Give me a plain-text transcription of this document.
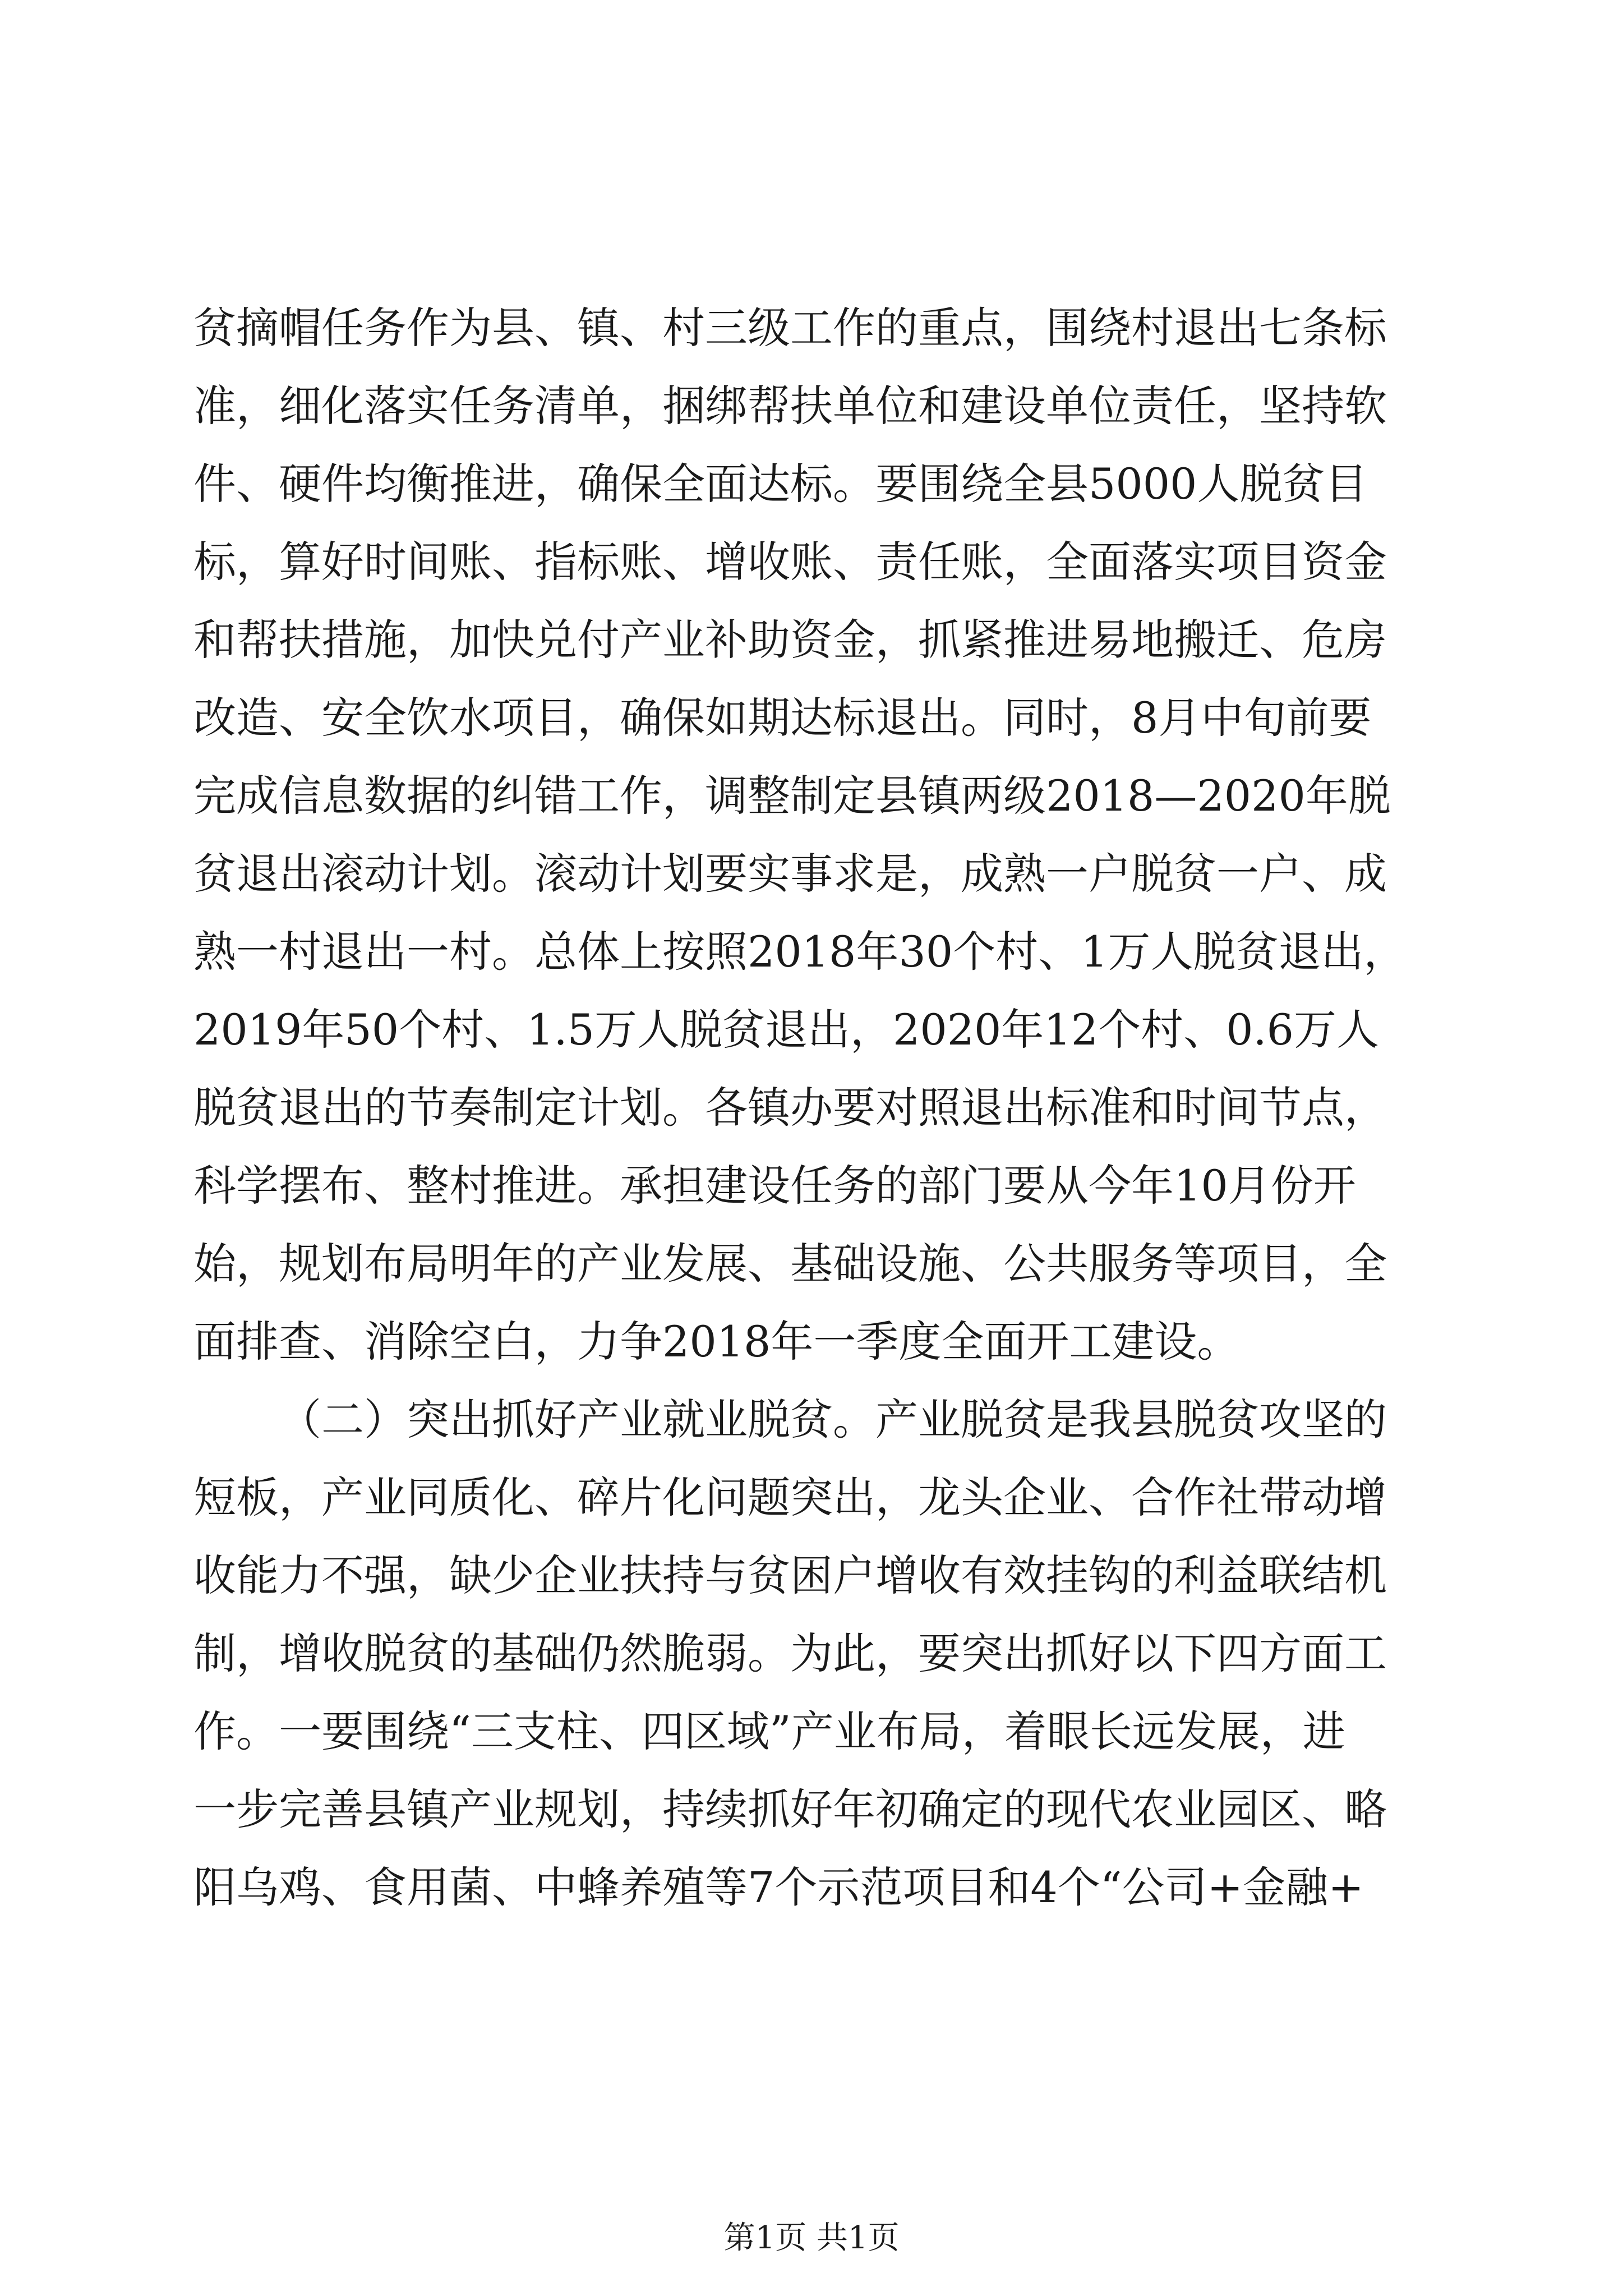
贫摘帽任务作为县、镇、村三级工作的重点，围绕村退出七条标
准，细化落实任务清单，捆绑帮扶单位和建设单位责任，坚持软
件、硬件均衡推进，确保全面达标。要围绕全县5000人脱贫目
标，算好时间账、指标账、增收账、责任账，全面落实项目资金
和帮扶措施，加快兑付产业补助资金，抓紧推进易地搬迁、危房
改造、安全饮水项目，确保如期达标退出。同时，8月中旬前要
完成信息数据的纠错工作，调整制定县镇两级2018—2020年脱
贫退出滚动计划。滚动计划要实事求是，成熟一户脱贫一户、成
熟一村退出一村。总体上按照2018年30个村、1万人脱贫退出，
2019年50个村、1.5万人脱贫退出，2020年12个村、0.6万人
脱贫退出的节奏制定计划。各镇办要对照退出标准和时间节点，
科学摆布、整村推进。承担建设任务的部门要从今年10月份开
始，规划布局明年的产业发展、基础设施、公共服务等项目，全
面排查、消除空白，力争2018年一季度全面开工建设。
（二）突出抓好产业就业脱贫。产业脱贫是我县脱贫攻坚的
短板，产业同质化、碎片化问题突出，龙头企业、合作社带动增
收能力不强，缺少企业扶持与贫困户增收有效挂钩的利益联结机
制，增收脱贫的基础仍然脆弱。为此，要突出抓好以下四方面工
作。一要围绕“三支柱、四区域”产业布局，着眼长远发展，进
一步完善县镇产业规划，持续抓好年初确定的现代农业园区、略
阳乌鸡、食用菌、中蜂养殖等7个示范项目和4个“公司+金融+
第1页 共1页
